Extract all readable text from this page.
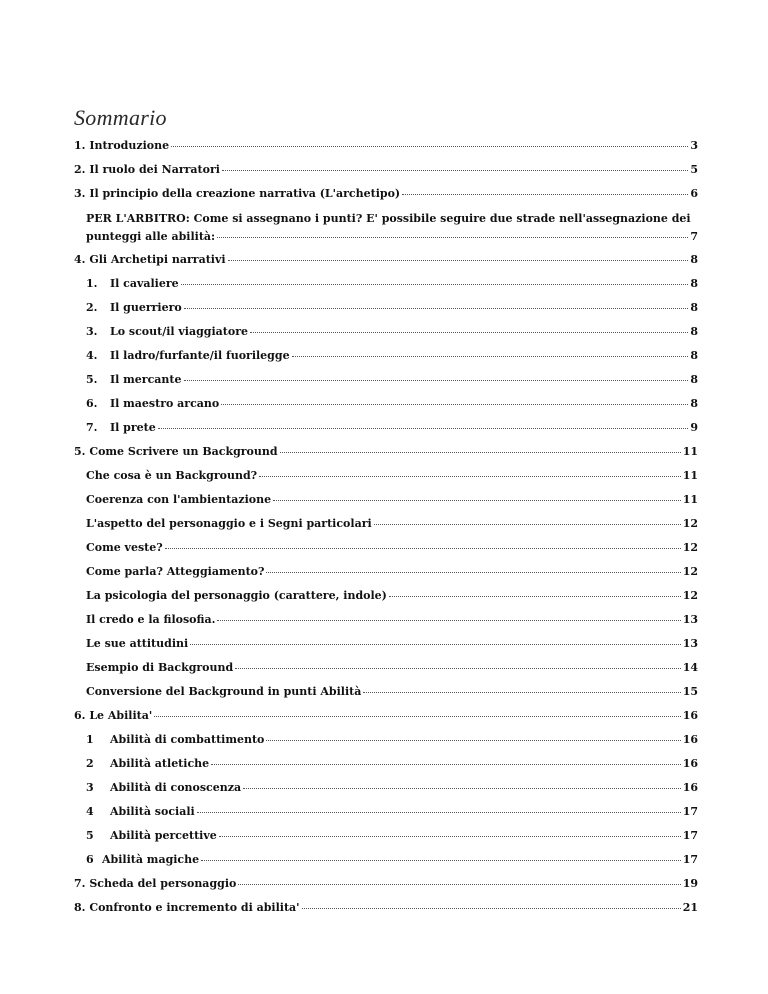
Sommario
1. Introduzione	3
2. Il ruolo dei Narratori	5
3. Il principio della creazione narrativa (L'archetipo)	6
PER L'ARBITRO: Come si assegnano i punti? E' possibile seguire due strade nell'assegnazione dei
punteggi alle abilità:	7
4. Gli Archetipi narrativi	8
1.	Il cavaliere	8
2.	Il guerriero	8
3.	Lo scout/il viaggiatore	8
4.	Il ladro/furfante/il fuorilegge	8
5.	Il mercante	8
6.	Il maestro arcano	8
7.	Il prete	9
5. Come Scrivere un Background	11
Che cosa è un Background?	11
Coerenza con l'ambientazione	11
L'aspetto del personaggio e i Segni particolari	12
Come veste?	12
Come parla? Atteggiamento?	12
La psicologia del personaggio (carattere, indole)	12
Il credo e la filosofia.	13
Le sue attitudini	13
Esempio di Background	14
Conversione del Background in punti Abilità	15
6. Le Abilita'	16
1	Abilità di combattimento	16
2	Abilità atletiche	16
3	Abilità di conoscenza	16
4	Abilità sociali	17
5	Abilità percettive	17
6 Abilità magiche	17
7. Scheda del personaggio	19
8. Confronto e incremento di abilita'	21
